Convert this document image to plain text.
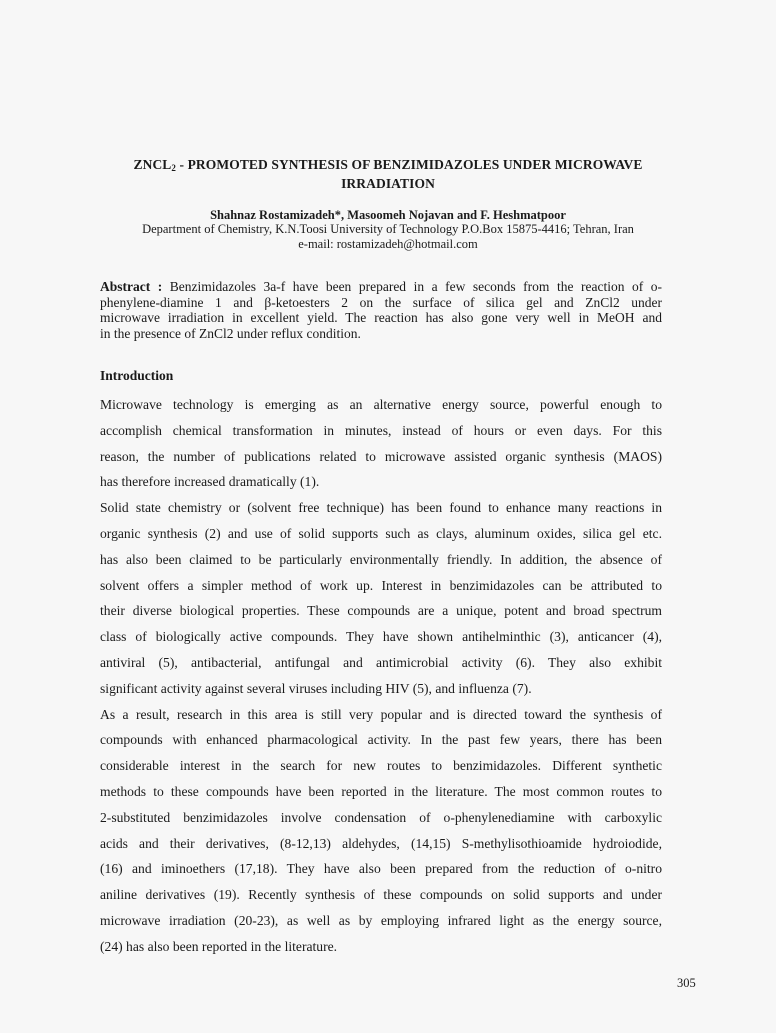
$ZNCL_2$ - PROMOTED SYNTHESIS OF BENZIMIDAZOLES UNDER MICROWAVE
IRRADIATION
Shahnaz Rostamizadeh*, Masoomeh Nojavan and F. Heshmatpoor
Department of Chemistry, K.N.Toosi University of Technology P.O.Box 15875-4416; Tehran, Iran
e-mail: rostamizadeh@hotmail.com
Abstract : Benzimidazoles 3a-f have been prepared in a few seconds from the reaction of o-
phenylene-diamine 1 and β-ketoesters 2 on the surface of silica gel and ZnCl2 under
microwave irradiation in excellent yield. The reaction has also gone very well in MeOH and
in the presence of ZnCl2 under reflux condition.
Introduction
Microwave technology is emerging as an alternative energy source, powerful enough to
accomplish chemical transformation in minutes, instead of hours or even days. For this
reason, the number of publications related to microwave assisted organic synthesis (MAOS)
has therefore increased dramatically (1).
Solid state chemistry or (solvent free technique) has been found to enhance many reactions in
organic synthesis (2) and use of solid supports such as clays, aluminum oxides, silica gel etc.
has also been claimed to be particularly environmentally friendly. In addition, the absence of
solvent offers a simpler method of work up. Interest in benzimidazoles can be attributed to
their diverse biological properties. These compounds are a unique, potent and broad spectrum
class of biologically active compounds. They have shown antihelminthic (3), anticancer (4),
antiviral (5), antibacterial, antifungal and antimicrobial activity (6). They also exhibit
significant activity against several viruses including HIV (5), and influenza (7).
As a result, research in this area is still very popular and is directed toward the synthesis of
compounds with enhanced pharmacological activity. In the past few years, there has been
considerable interest in the search for new routes to benzimidazoles. Different synthetic
methods to these compounds have been reported in the literature. The most common routes to
2-substituted benzimidazoles involve condensation of o-phenylenediamine with carboxylic
acids and their derivatives, (8-12,13) aldehydes, (14,15) S-methylisothioamide hydroiodide,
(16) and iminoethers (17,18). They have also been prepared from the reduction of o-nitro
aniline derivatives (19). Recently synthesis of these compounds on solid supports and under
microwave irradiation (20-23), as well as by employing infrared light as the energy source,
(24) has also been reported in the literature.
305
